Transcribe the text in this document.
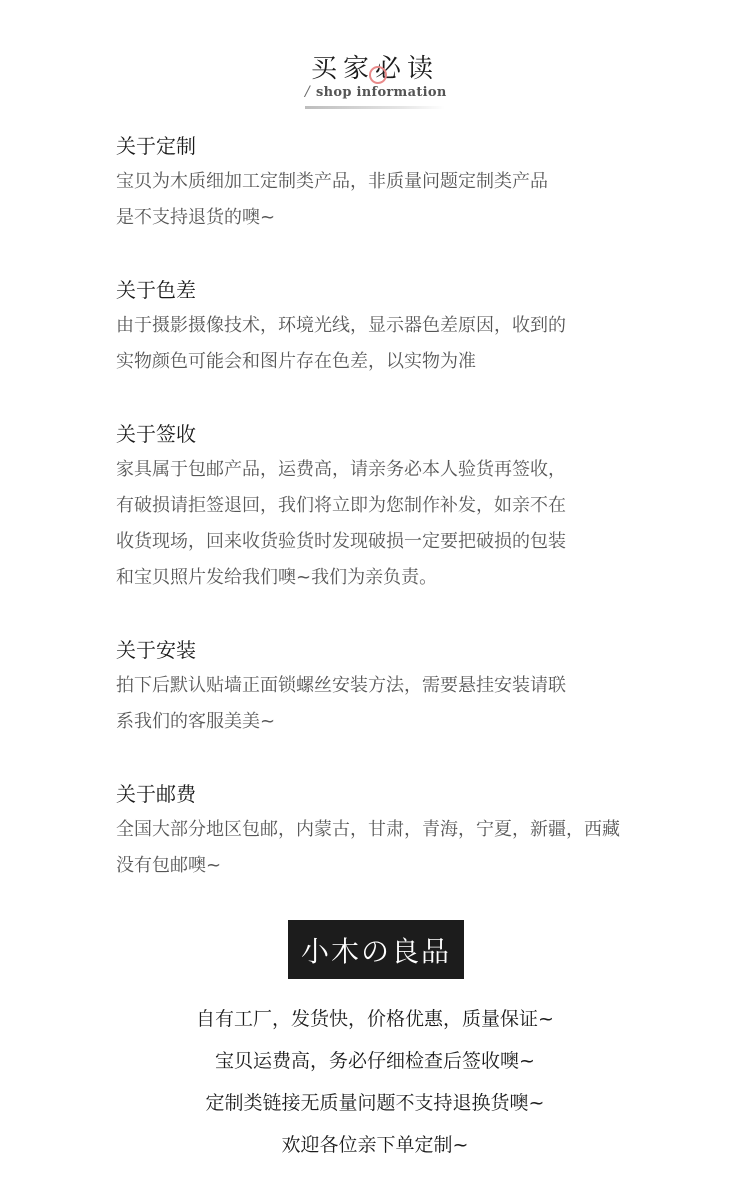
买家必读
/ shop information
关于定制
宝贝为木质细加工定制类产品，非质量问题定制类产品
是不支持退货的噢~
关于色差
由于摄影摄像技术，环境光线，显示器色差原因，收到的
实物颜色可能会和图片存在色差，以实物为准
关于签收
家具属于包邮产品，运费高，请亲务必本人验货再签收，
有破损请拒签退回，我们将立即为您制作补发，如亲不在
收货现场，回来收货验货时发现破损一定要把破损的包装
和宝贝照片发给我们噢~我们为亲负责。
关于安装
拍下后默认贴墙正面锁螺丝安装方法，需要悬挂安装请联
系我们的客服美美~
关于邮费
全国大部分地区包邮，内蒙古，甘肃，青海，宁夏，新疆，西藏
没有包邮噢~
小木の良品
自有工厂，发货快，价格优惠，质量保证~
宝贝运费高，务必仔细检查后签收噢~
定制类链接无质量问题不支持退换货噢~
欢迎各位亲下单定制~
